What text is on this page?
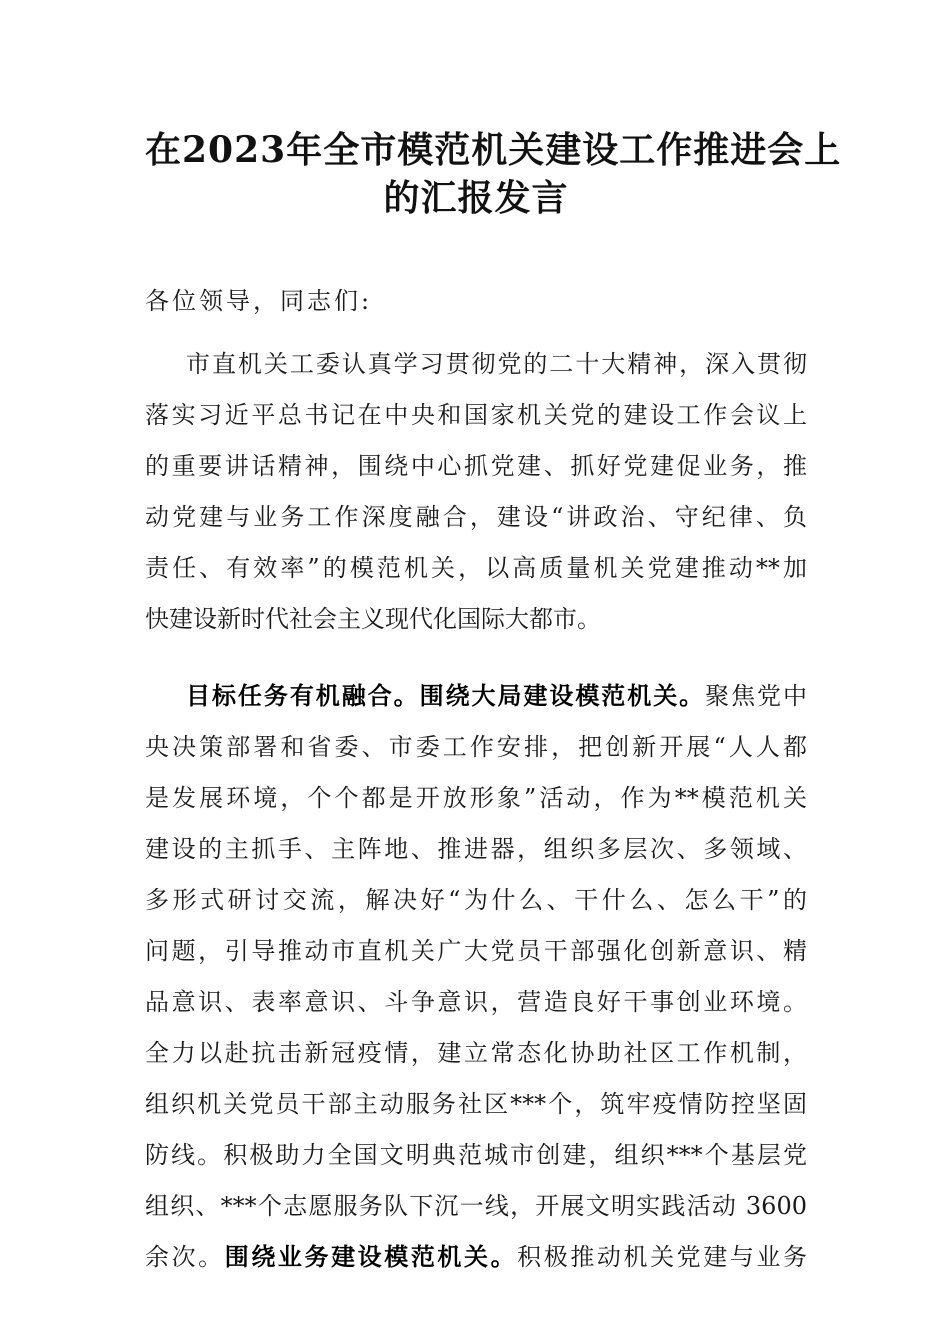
在2023年全市模范机关建设工作推进会上
的汇报发言

各位领导，同志们:

市直机关工委认真学习贯彻党的二十大精神，深入贯彻
落实习近平总书记在中央和国家机关党的建设工作会议上
的重要讲话精神，围绕中心抓党建、抓好党建促业务，推
动党建与业务工作深度融合，建设“讲政治、守纪律、负
责任、有效率”的模范机关，以高质量机关党建推动**加
快建设新时代社会主义现代化国际大都市。

目标任务有机融合。围绕大局建设模范机关。聚焦党中
央决策部署和省委、市委工作安排，把创新开展“人人都
是发展环境，个个都是开放形象”活动，作为**模范机关
建设的主抓手、主阵地、推进器，组织多层次、多领域、
多形式研讨交流，解决好“为什么、干什么、怎么干”的
问题，引导推动市直机关广大党员干部强化创新意识、精
品意识、表率意识、斗争意识，营造良好干事创业环境。
全力以赴抗击新冠疫情，建立常态化协助社区工作机制，
组织机关党员干部主动服务社区***个，筑牢疫情防控坚固
防线。积极助力全国文明典范城市创建，组织***个基层党
组织、***个志愿服务队下沉一线，开展文明实践活动 3600
余次。围绕业务建设模范机关。积极推动机关党建与业务
